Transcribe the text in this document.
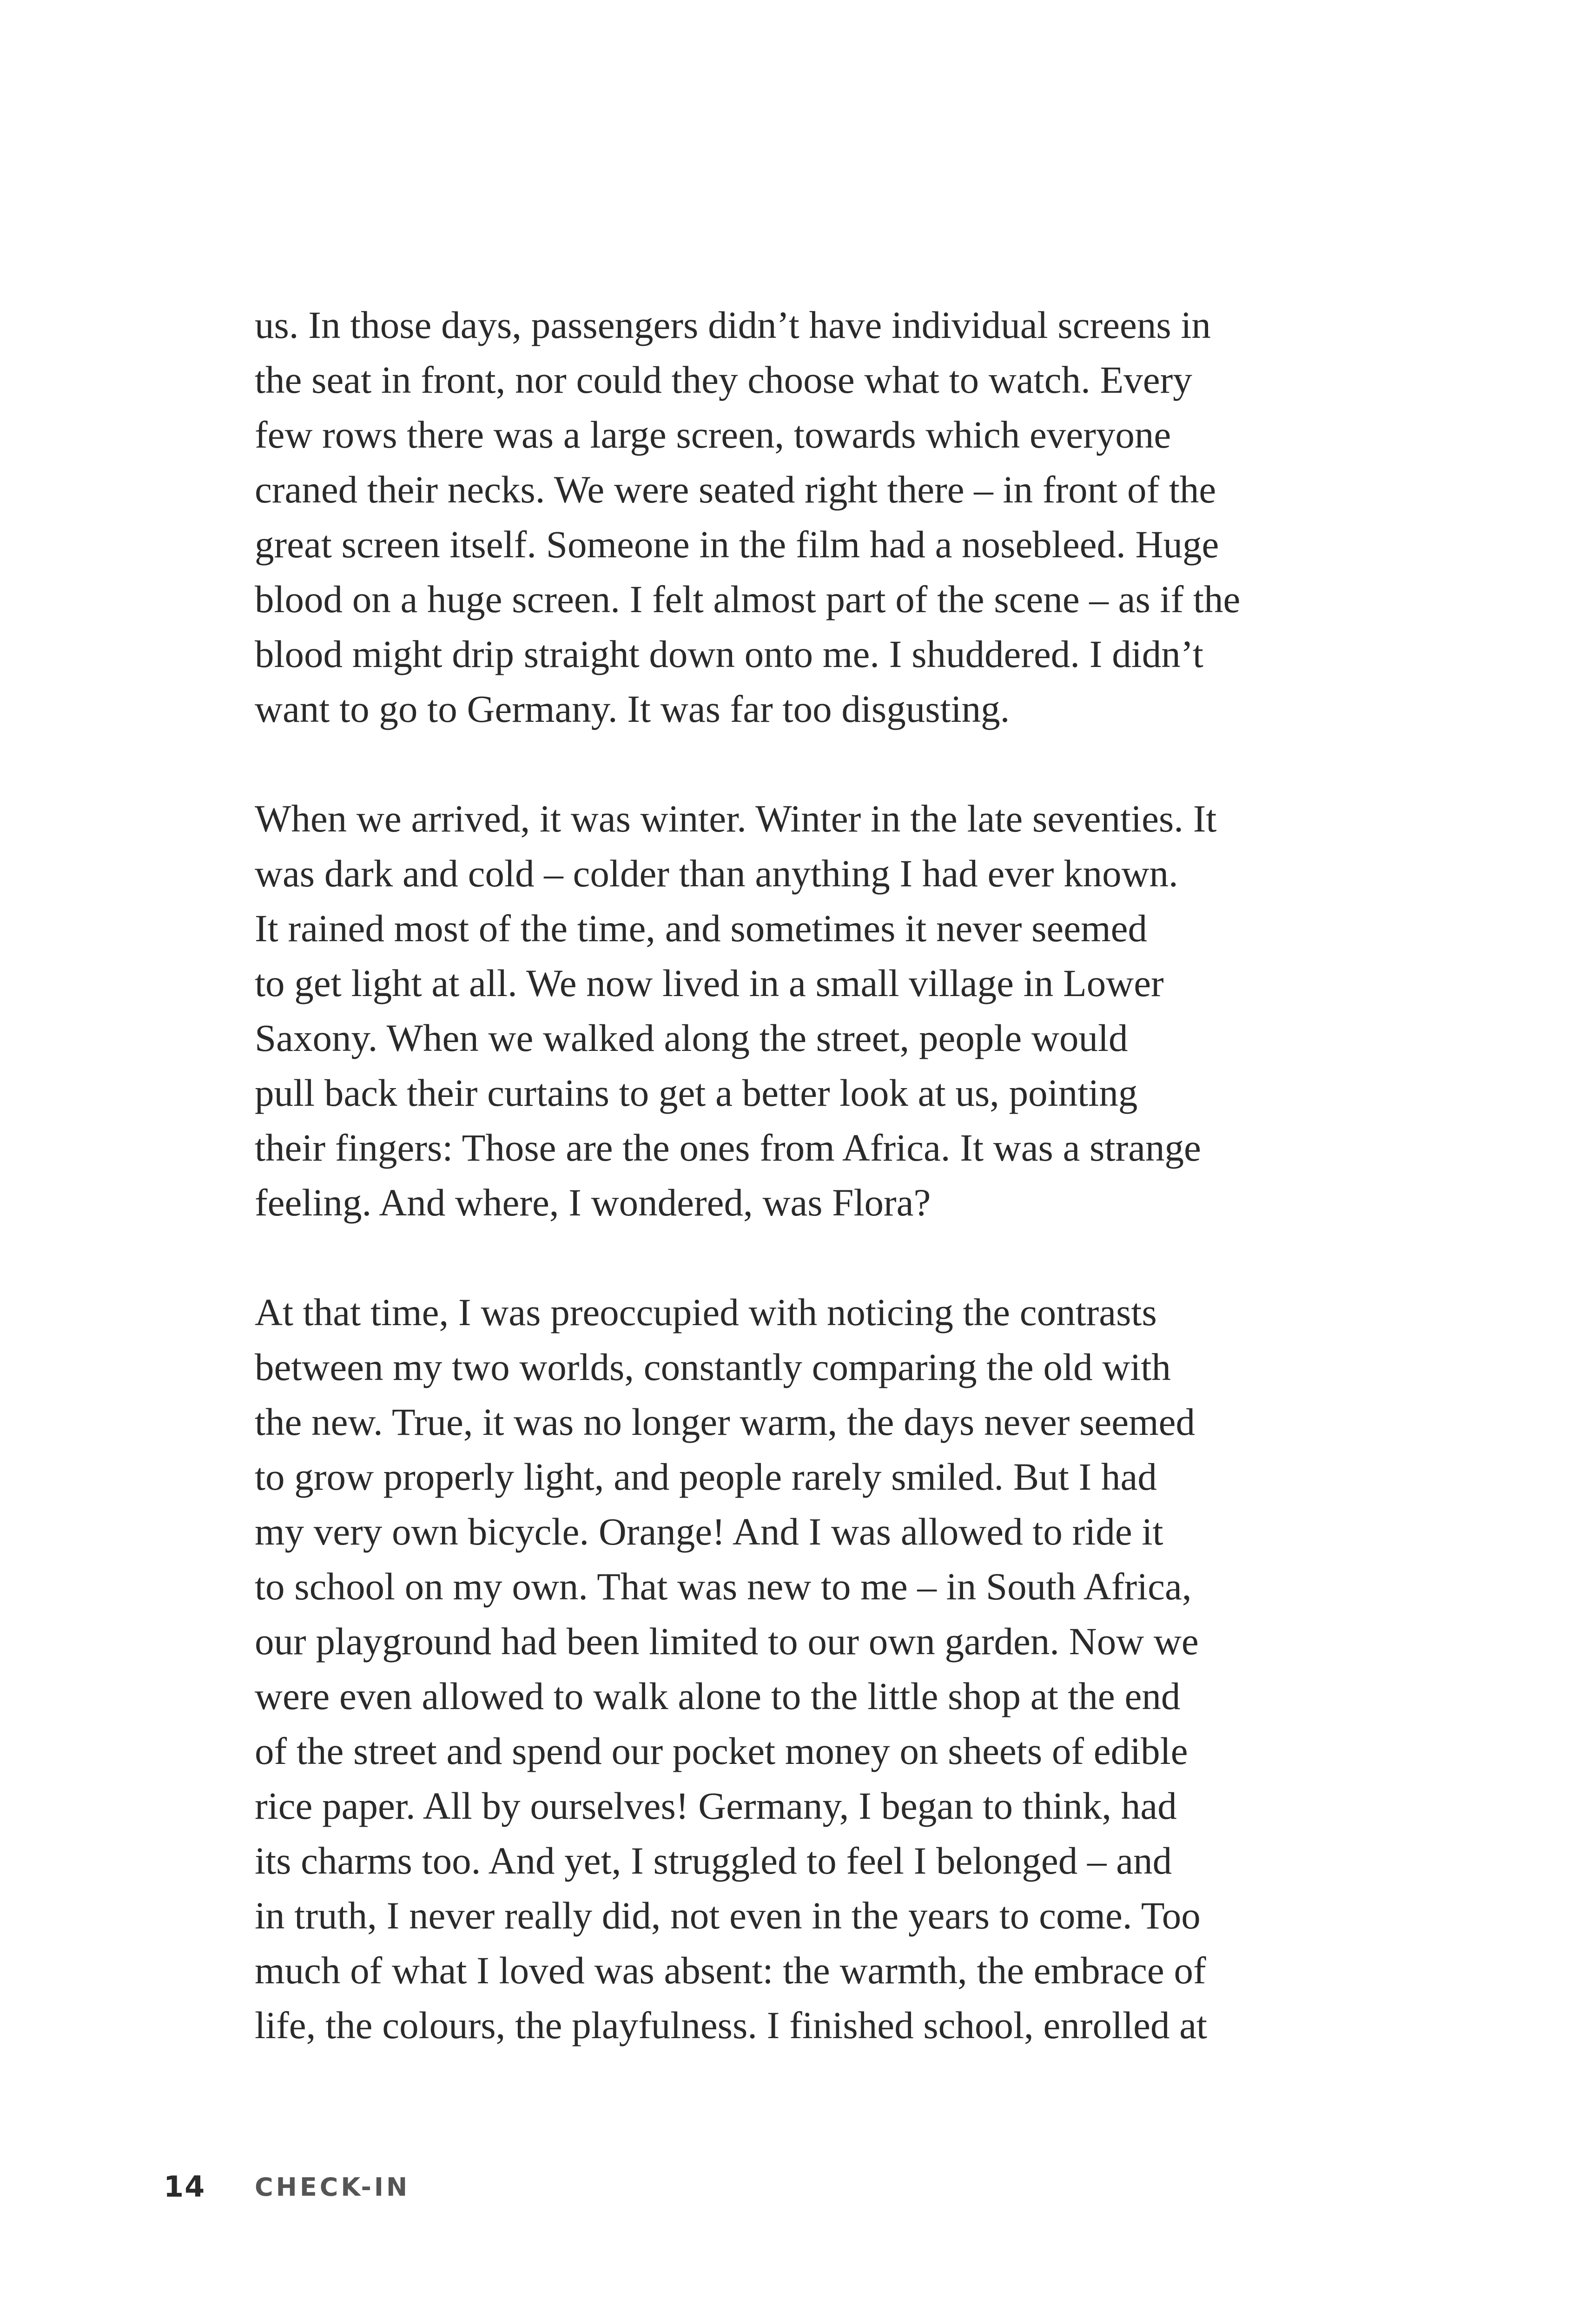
us. In those days, passengers didn’t have individual screens in
the seat in front, nor could they choose what to watch. Every
few rows there was a large screen, towards which everyone
craned their necks. We were seated right there – in front of the
great screen itself. Someone in the film had a nosebleed. Huge
blood on a huge screen. I felt almost part of the scene – as if the
blood might drip straight down onto me. I shuddered. I didn’t
want to go to Germany. It was far too disgusting.

When we arrived, it was winter. Winter in the late seventies. It
was dark and cold – colder than anything I had ever known.
It rained most of the time, and sometimes it never seemed
to get light at all. We now lived in a small village in Lower
Saxony. When we walked along the street, people would
pull back their curtains to get a better look at us, pointing
their fingers: Those are the ones from Africa. It was a strange
feeling. And where, I wondered, was Flora?

At that time, I was preoccupied with noticing the contrasts
between my two worlds, constantly comparing the old with
the new. True, it was no longer warm, the days never seemed
to grow properly light, and people rarely smiled. But I had
my very own bicycle. Orange! And I was allowed to ride it
to school on my own. That was new to me – in South Africa,
our playground had been limited to our own garden. Now we
were even allowed to walk alone to the little shop at the end
of the street and spend our pocket money on sheets of edible
rice paper. All by ourselves! Germany, I began to think, had
its charms too. And yet, I struggled to feel I belonged – and
in truth, I never really did, not even in the years to come. Too
much of what I loved was absent: the warmth, the embrace of
life, the colours, the playfulness. I finished school, enrolled at

14 CHECK-IN
